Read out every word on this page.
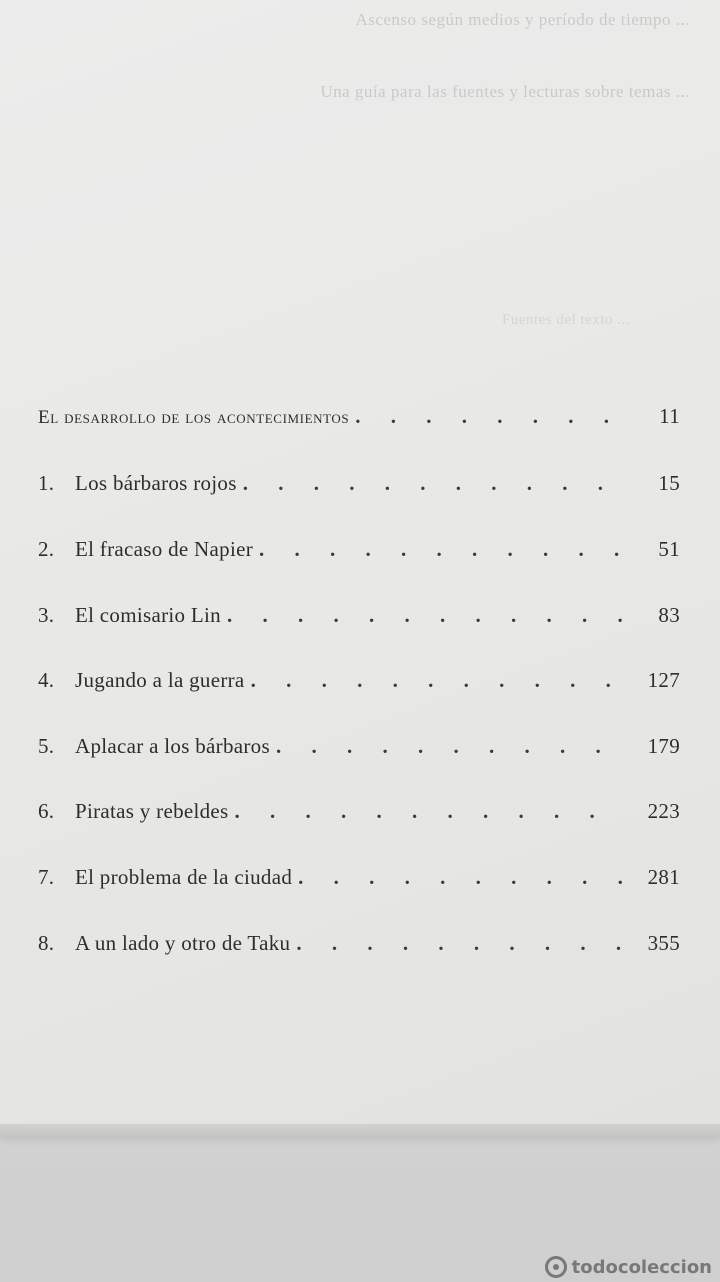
Ascenso según medios y período de tiempo ...
Una guía para las fuentes y lecturas sobre temas ...
Fuentes del texto ...
El desarrollo de los acontecimientos . . .	11
1. Los bárbaros rojos . . .	15
2. El fracaso de Napier . . .	51
3. El comisario Lin . . .	83
4. Jugando a la guerra . . .	127
5. Aplacar a los bárbaros . . .	179
6. Piratas y rebeldes . . .	223
7. El problema de la ciudad . . .	281
8. A un lado y otro de Taku . . .	355
todocoleccion
